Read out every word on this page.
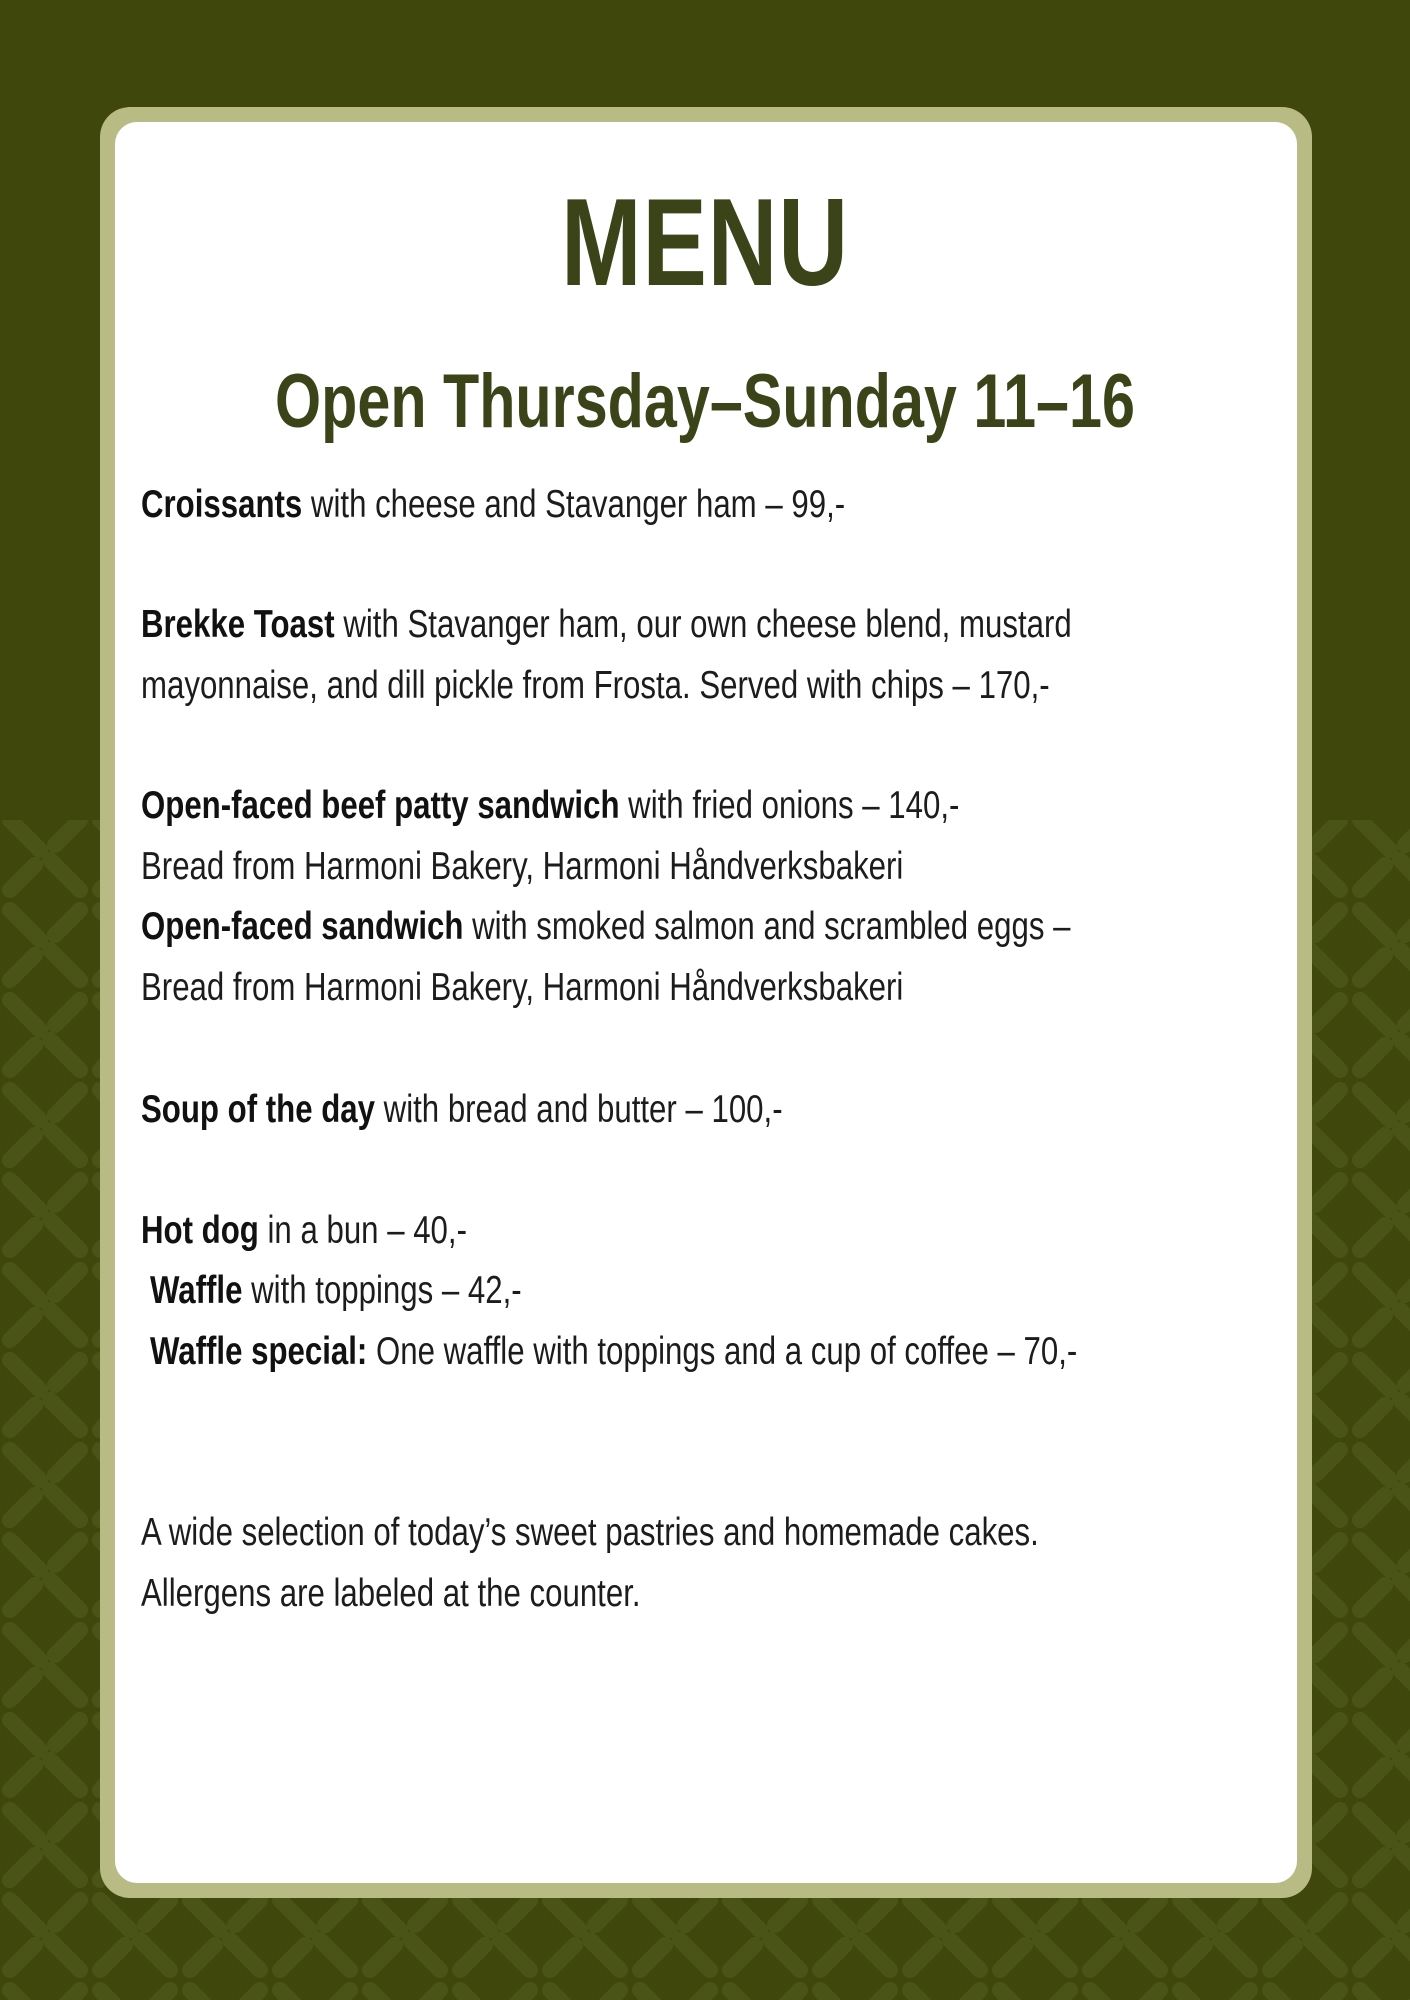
MENU
Open Thursday–Sunday 11–16
Croissants with cheese and Stavanger ham – 99,-
Brekke Toast with Stavanger ham, our own cheese blend, mustard
mayonnaise, and dill pickle from Frosta. Served with chips – 170,-
Open-faced beef patty sandwich with fried onions – 140,-
Bread from Harmoni Bakery, Harmoni Håndverksbakeri
Open-faced sandwich with smoked salmon and scrambled eggs –
Bread from Harmoni Bakery, Harmoni Håndverksbakeri
Soup of the day with bread and butter – 100,-
Hot dog in a bun – 40,-
Waffle with toppings – 42,-
Waffle special: One waffle with toppings and a cup of coffee – 70,-
A wide selection of today’s sweet pastries and homemade cakes.
Allergens are labeled at the counter.
